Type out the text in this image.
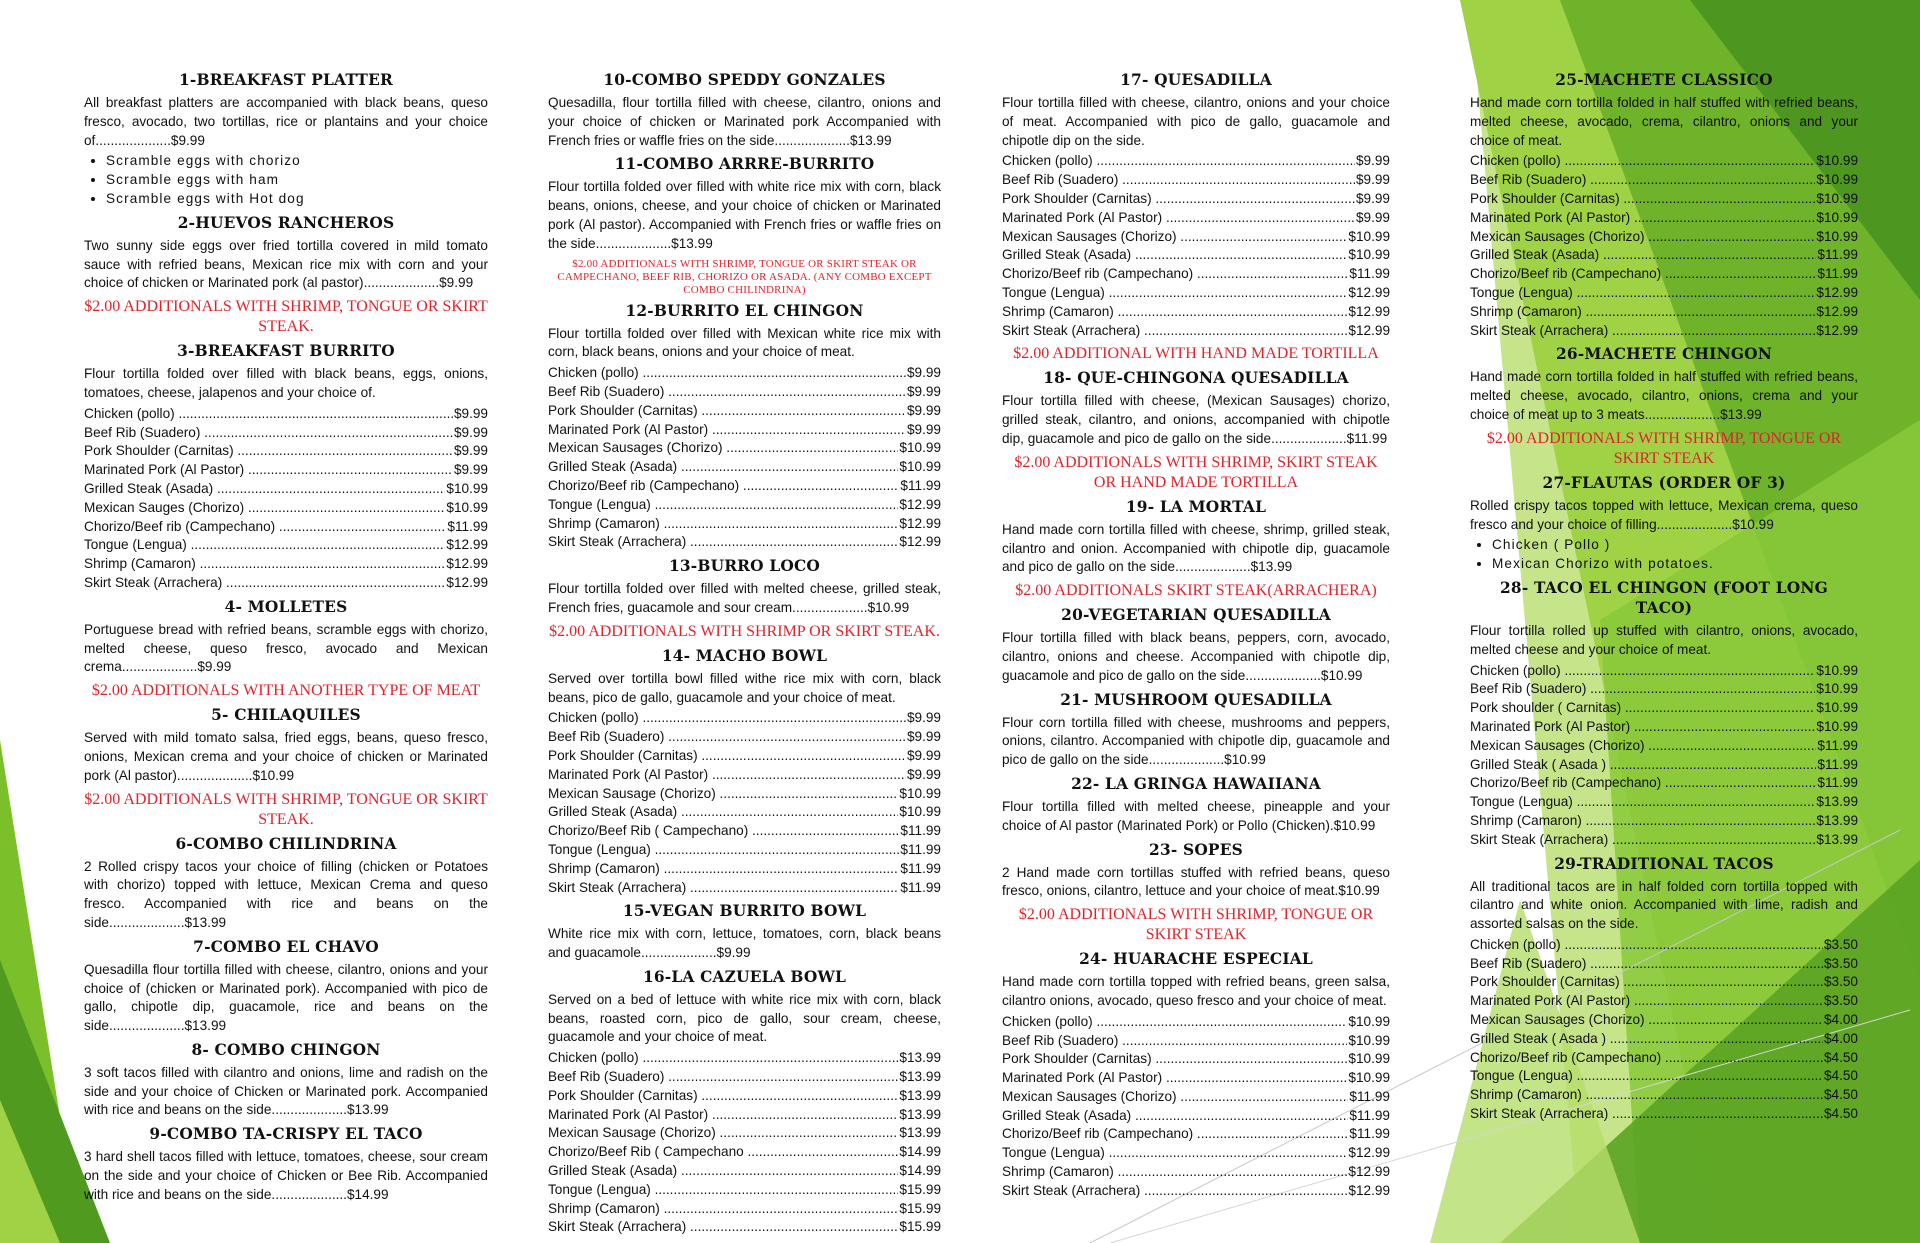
1-BREAKFAST PLATTER
All breakfast platters are accompanied with black beans, queso fresco, avocado, two tortillas, rice or plantains and your choice of....................$9.99
• Scramble eggs with chorizo
• Scramble eggs with ham
• Scramble eggs with Hot dog
2-HUEVOS RANCHEROS
Two sunny side eggs over fried tortilla covered in mild tomato sauce with refried beans, Mexican rice mix with corn and your choice of chicken or Marinated pork (al pastor)....................$9.99
$2.00 ADDITIONALS WITH SHRIMP, TONGUE OR SKIRT STEAK.
3-BREAKFAST BURRITO
Flour tortilla folded over filled with black beans, eggs, onions, tomatoes, cheese, jalapenos and your choice of.
Chicken (pollo) .....	$9.99
Beef Rib (Suadero) .....	$9.99
Pork Shoulder (Carnitas) .....	$9.99
Marinated Pork (Al Pastor) .....	$9.99
Grilled Steak (Asada) .....	$10.99
Mexican Sauges (Chorizo) .....	$10.99
Chorizo/Beef rib (Campechano) .....	$11.99
Tongue (Lengua) .....	$12.99
Shrimp (Camaron) .....	$12.99
Skirt Steak (Arrachera) .....	$12.99
4- MOLLETES
Portuguese bread with refried beans, scramble eggs with chorizo, melted cheese, queso fresco, avocado and Mexican crema....................$9.99
$2.00 ADDITIONALS WITH ANOTHER TYPE OF MEAT
5- CHILAQUILES
Served with mild tomato salsa, fried eggs, beans, queso fresco, onions, Mexican crema and your choice of chicken or Marinated pork (Al pastor)....................$10.99
$2.00 ADDITIONALS WITH SHRIMP, TONGUE OR SKIRT STEAK.
6-COMBO CHILINDRINA
2 Rolled crispy tacos your choice of filling (chicken or Potatoes with chorizo) topped with lettuce, Mexican Crema and queso fresco. Accompanied with rice and beans on the side....................$13.99
7-COMBO EL CHAVO
Quesadilla flour tortilla filled with cheese, cilantro, onions and your choice of (chicken or Marinated pork). Accompanied with pico de gallo, chipotle dip, guacamole, rice and beans on the side....................$13.99
8- COMBO CHINGON
3 soft tacos filled with cilantro and onions, lime and radish on the side and your choice of Chicken or Marinated pork. Accompanied with rice and beans on the side....................$13.99
9-COMBO TA-CRISPY EL TACO
3 hard shell tacos filled with lettuce, tomatoes, cheese, sour cream on the side and your choice of Chicken or Bee Rib. Accompanied with rice and beans on the side....................$14.99
10-COMBO SPEDDY GONZALES
Quesadilla, flour tortilla filled with cheese, cilantro, onions and your choice of chicken or Marinated pork Accompanied with French fries or waffle fries on the side....................$13.99
11-COMBO ARRRE-BURRITO
Flour tortilla folded over filled with white rice mix with corn, black beans, onions, cheese, and your choice of chicken or Marinated pork (Al pastor). Accompanied with French fries or waffle fries on the side....................$13.99
$2.00 ADDITIONALS WITH SHRIMP, TONGUE OR SKIRT STEAK OR CAMPECHANO, BEEF RIB, CHORIZO OR ASADA. (ANY COMBO EXCEPT COMBO CHILINDRINA)
12-BURRITO EL CHINGON
Flour tortilla folded over filled with Mexican white rice mix with corn, black beans, onions and your choice of meat.
Chicken (pollo) .....	$9.99
Beef Rib (Suadero) .....	$9.99
Pork Shoulder (Carnitas) .....	$9.99
Marinated Pork (Al Pastor) .....	$9.99
Mexican Sausages (Chorizo) .....	$10.99
Grilled Steak (Asada) .....	$10.99
Chorizo/Beef rib (Campechano) .....	$11.99
Tongue (Lengua) .....	$12.99
Shrimp (Camaron) .....	$12.99
Skirt Steak (Arrachera) .....	$12.99
13-BURRO LOCO
Flour tortilla folded over filled with melted cheese, grilled steak, French fries, guacamole and sour cream....................$10.99
$2.00 ADDITIONALS WITH SHRIMP OR SKIRT STEAK.
14- MACHO BOWL
Served over tortilla bowl filled withe rice mix with corn, black beans, pico de gallo, guacamole and your choice of meat.
Chicken (pollo) .....	$9.99
Beef Rib (Suadero) .....	$9.99
Pork Shoulder (Carnitas) .....	$9.99
Marinated Pork (Al Pastor) .....	$9.99
Mexican Sausage (Chorizo) .....	$10.99
Grilled Steak (Asada) .....	$10.99
Chorizo/Beef Rib ( Campechano) .....	$11.99
Tongue (Lengua) .....	$11.99
Shrimp (Camaron) .....	$11.99
Skirt Steak (Arrachera) .....	$11.99
15-VEGAN BURRITO BOWL
White rice mix with corn, lettuce, tomatoes, corn, black beans and guacamole....................$9.99
16-LA CAZUELA BOWL
Served on a bed of lettuce with white rice mix with corn, black beans, roasted corn, pico de gallo, sour cream, cheese, guacamole and your choice of meat.
Chicken (pollo) .....	$13.99
Beef Rib (Suadero) .....	$13.99
Pork Shoulder (Carnitas) .....	$13.99
Marinated Pork (Al Pastor) .....	$13.99
Mexican Sausage (Chorizo) .....	$13.99
Chorizo/Beef Rib ( Campechano .....	$14.99
Grilled Steak (Asada) .....	$14.99
Tongue (Lengua) .....	$15.99
Shrimp (Camaron) .....	$15.99
Skirt Steak (Arrachera) .....	$15.99
17- QUESADILLA
Flour tortilla filled with cheese, cilantro, onions and your choice of meat. Accompanied with pico de gallo, guacamole and chipotle dip on the side.
Chicken (pollo) .....	$9.99
Beef Rib (Suadero) .....	$9.99
Pork Shoulder (Carnitas) .....	$9.99
Marinated Pork (Al Pastor) .....	$9.99
Mexican Sausages (Chorizo) .....	$10.99
Grilled Steak (Asada) .....	$10.99
Chorizo/Beef rib (Campechano) .....	$11.99
Tongue (Lengua) .....	$12.99
Shrimp (Camaron) .....	$12.99
Skirt Steak (Arrachera) .....	$12.99
$2.00 ADDITIONAL WITH HAND MADE TORTILLA
18- QUE-CHINGONA QUESADILLA
Flour tortilla filled with cheese, (Mexican Sausages) chorizo, grilled steak, cilantro, and onions, accompanied with chipotle dip, guacamole and pico de gallo on the side....................$11.99
$2.00 ADDITIONALS WITH SHRIMP, SKIRT STEAK OR HAND MADE TORTILLA
19- LA MORTAL
Hand made corn tortilla filled with cheese, shrimp, grilled steak, cilantro and onion. Accompanied with chipotle dip, guacamole and pico de gallo on the side....................$13.99
$2.00 ADDITIONALS SKIRT STEAK(ARRACHERA)
20-VEGETARIAN QUESADILLA
Flour tortilla filled with black beans, peppers, corn, avocado, cilantro, onions and cheese. Accompanied with chipotle dip, guacamole and pico de gallo on the side....................$10.99
21- MUSHROOM QUESADILLA
Flour corn tortilla filled with cheese, mushrooms and peppers, onions, cilantro. Accompanied with chipotle dip, guacamole and pico de gallo on the side....................$10.99
22- LA GRINGA HAWAIIANA
Flour tortilla filled with melted cheese, pineapple and your choice of Al pastor (Marinated Pork) or Pollo (Chicken).$10.99
23- SOPES
2 Hand made corn tortillas stuffed with refried beans, queso fresco, onions, cilantro, lettuce and your choice of meat.$10.99
$2.00 ADDITIONALS WITH SHRIMP, TONGUE OR SKIRT STEAK
24- HUARACHE ESPECIAL
Hand made corn tortilla topped with refried beans, green salsa, cilantro onions, avocado, queso fresco and your choice of meat.
Chicken (pollo) .....	$10.99
Beef Rib (Suadero) .....	$10.99
Pork Shoulder (Carnitas) .....	$10.99
Marinated Pork (Al Pastor) .....	$10.99
Mexican Sausages (Chorizo) .....	$11.99
Grilled Steak (Asada) .....	$11.99
Chorizo/Beef rib (Campechano) .....	$11.99
Tongue (Lengua) .....	$12.99
Shrimp (Camaron) .....	$12.99
Skirt Steak (Arrachera) .....	$12.99
25-MACHETE CLASSICO
Hand made corn tortilla folded in half stuffed with refried beans, melted cheese, avocado, crema, cilantro, onions and your choice of meat.
Chicken (pollo) .....	$10.99
Beef Rib (Suadero) .....	$10.99
Pork Shoulder (Carnitas) .....	$10.99
Marinated Pork (Al Pastor) .....	$10.99
Mexican Sausages (Chorizo) .....	$10.99
Grilled Steak (Asada) .....	$11.99
Chorizo/Beef rib (Campechano) .....	$11.99
Tongue (Lengua) .....	$12.99
Shrimp (Camaron) .....	$12.99
Skirt Steak (Arrachera) .....	$12.99
26-MACHETE CHINGON
Hand made corn tortilla folded in half stuffed with refried beans, melted cheese, avocado, cilantro, onions, crema and your choice of meat up to 3 meats....................$13.99
$2.00 ADDITIONALS WITH SHRIMP, TONGUE OR SKIRT STEAK
27-FLAUTAS (ORDER OF 3)
Rolled crispy tacos topped with lettuce, Mexican crema, queso fresco and your choice of filling....................$10.99
• Chicken ( Pollo )
• Mexican Chorizo with potatoes.
28- TACO EL CHINGON (FOOT LONG TACO)
Flour tortilla rolled up stuffed with cilantro, onions, avocado, melted cheese and your choice of meat.
Chicken (pollo) .....	$10.99
Beef Rib (Suadero) .....	$10.99
Pork shoulder ( Carnitas) .....	$10.99
Marinated Pork (Al Pastor) .....	$10.99
Mexican Sausages (Chorizo) .....	$11.99
Grilled Steak ( Asada ) .....	$11.99
Chorizo/Beef rib (Campechano) .....	$11.99
Tongue (Lengua) .....	$13.99
Shrimp (Camaron) .....	$13.99
Skirt Steak (Arrachera) .....	$13.99
29-TRADITIONAL TACOS
All traditional tacos are in half folded corn tortilla topped with cilantro and white onion. Accompanied with lime, radish and assorted salsas on the side.
Chicken (pollo) .....	$3.50
Beef Rib (Suadero) .....	$3.50
Pork Shoulder (Carnitas) .....	$3.50
Marinated Pork (Al Pastor) .....	$3.50
Mexican Sausages (Chorizo) .....	$4.00
Grilled Steak ( Asada ) .....	$4.00
Chorizo/Beef rib (Campechano) .....	$4.50
Tongue (Lengua) .....	$4.50
Shrimp (Camaron) .....	$4.50
Skirt Steak (Arrachera) .....	$4.50
